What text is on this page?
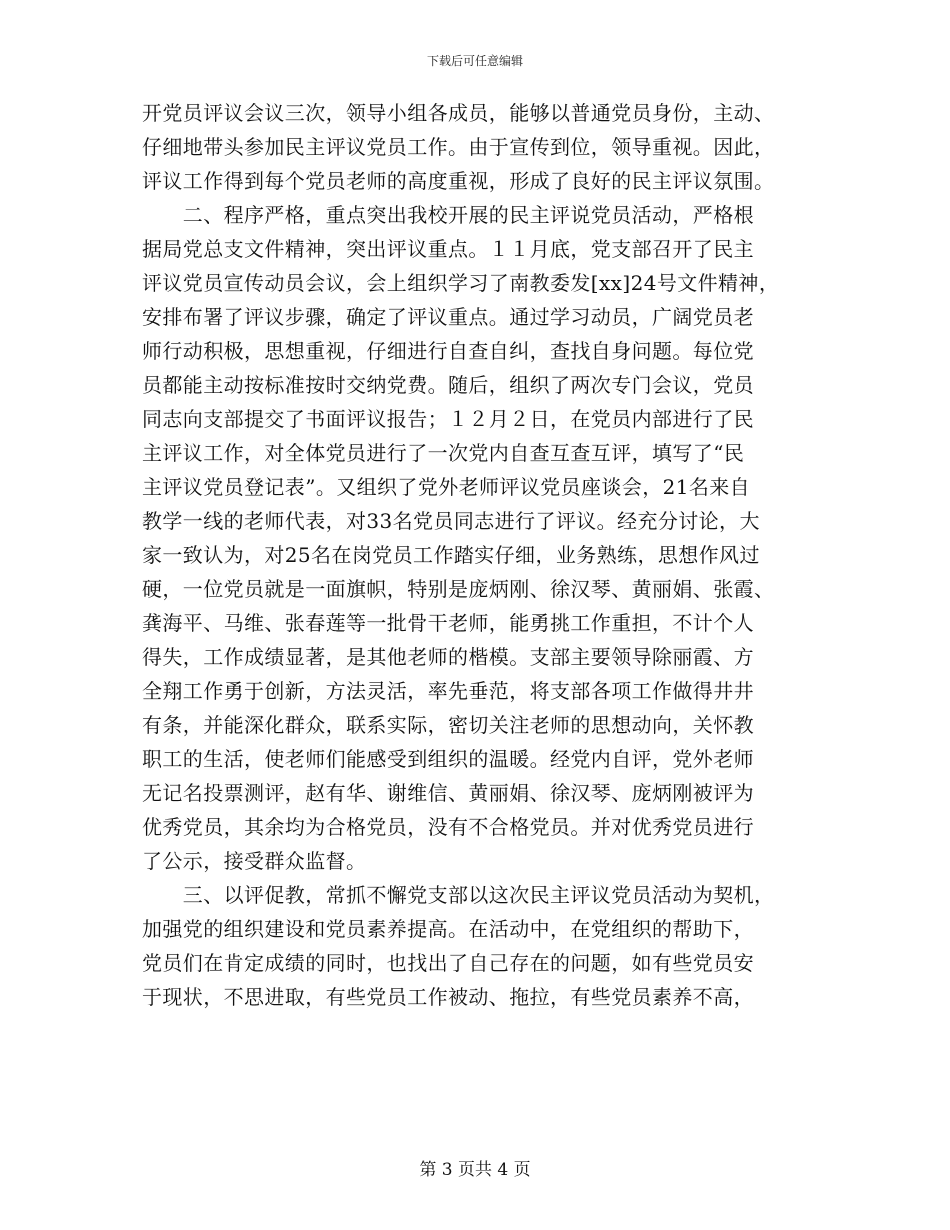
下载后可任意编辑
开党员评议会议三次，领导小组各成员，能够以普通党员身份，主动、
仔细地带头参加民主评议党员工作。由于宣传到位，领导重视。因此，
评议工作得到每个党员老师的高度重视，形成了良好的民主评议氛围。
　　二、程序严格，重点突出我校开展的民主评说党员活动，严格根
据局党总支文件精神，突出评议重点。１１月底，党支部召开了民主
评议党员宣传动员会议，会上组织学习了南教委发[xx]24号文件精神，
安排布署了评议步骤，确定了评议重点。通过学习动员，广阔党员老
师行动积极，思想重视，仔细进行自查自纠，查找自身问题。每位党
员都能主动按标准按时交纳党费。随后，组织了两次专门会议，党员
同志向支部提交了书面评议报告；１２月２日，在党员内部进行了民
主评议工作，对全体党员进行了一次党内自查互查互评，填写了“民
主评议党员登记表”。又组织了党外老师评议党员座谈会，21名来自
教学一线的老师代表，对33名党员同志进行了评议。经充分讨论，大
家一致认为，对25名在岗党员工作踏实仔细，业务熟练，思想作风过
硬，一位党员就是一面旗帜，特别是庞炳刚、徐汉琴、黄丽娟、张霞、
龚海平、马维、张春莲等一批骨干老师，能勇挑工作重担，不计个人
得失，工作成绩显著，是其他老师的楷模。支部主要领导除丽霞、方
全翔工作勇于创新，方法灵活，率先垂范，将支部各项工作做得井井
有条，并能深化群众，联系实际，密切关注老师的思想动向，关怀教
职工的生活，使老师们能感受到组织的温暖。经党内自评，党外老师
无记名投票测评，赵有华、谢维信、黄丽娟、徐汉琴、庞炳刚被评为
优秀党员，其余均为合格党员，没有不合格党员。并对优秀党员进行
了公示，接受群众监督。
　　三、以评促教，常抓不懈党支部以这次民主评议党员活动为契机，
加强党的组织建设和党员素养提高。在活动中，在党组织的帮助下，
党员们在肯定成绩的同时，也找出了自己存在的问题，如有些党员安
于现状，不思进取，有些党员工作被动、拖拉，有些党员素养不高，
第 3 页共 4 页
